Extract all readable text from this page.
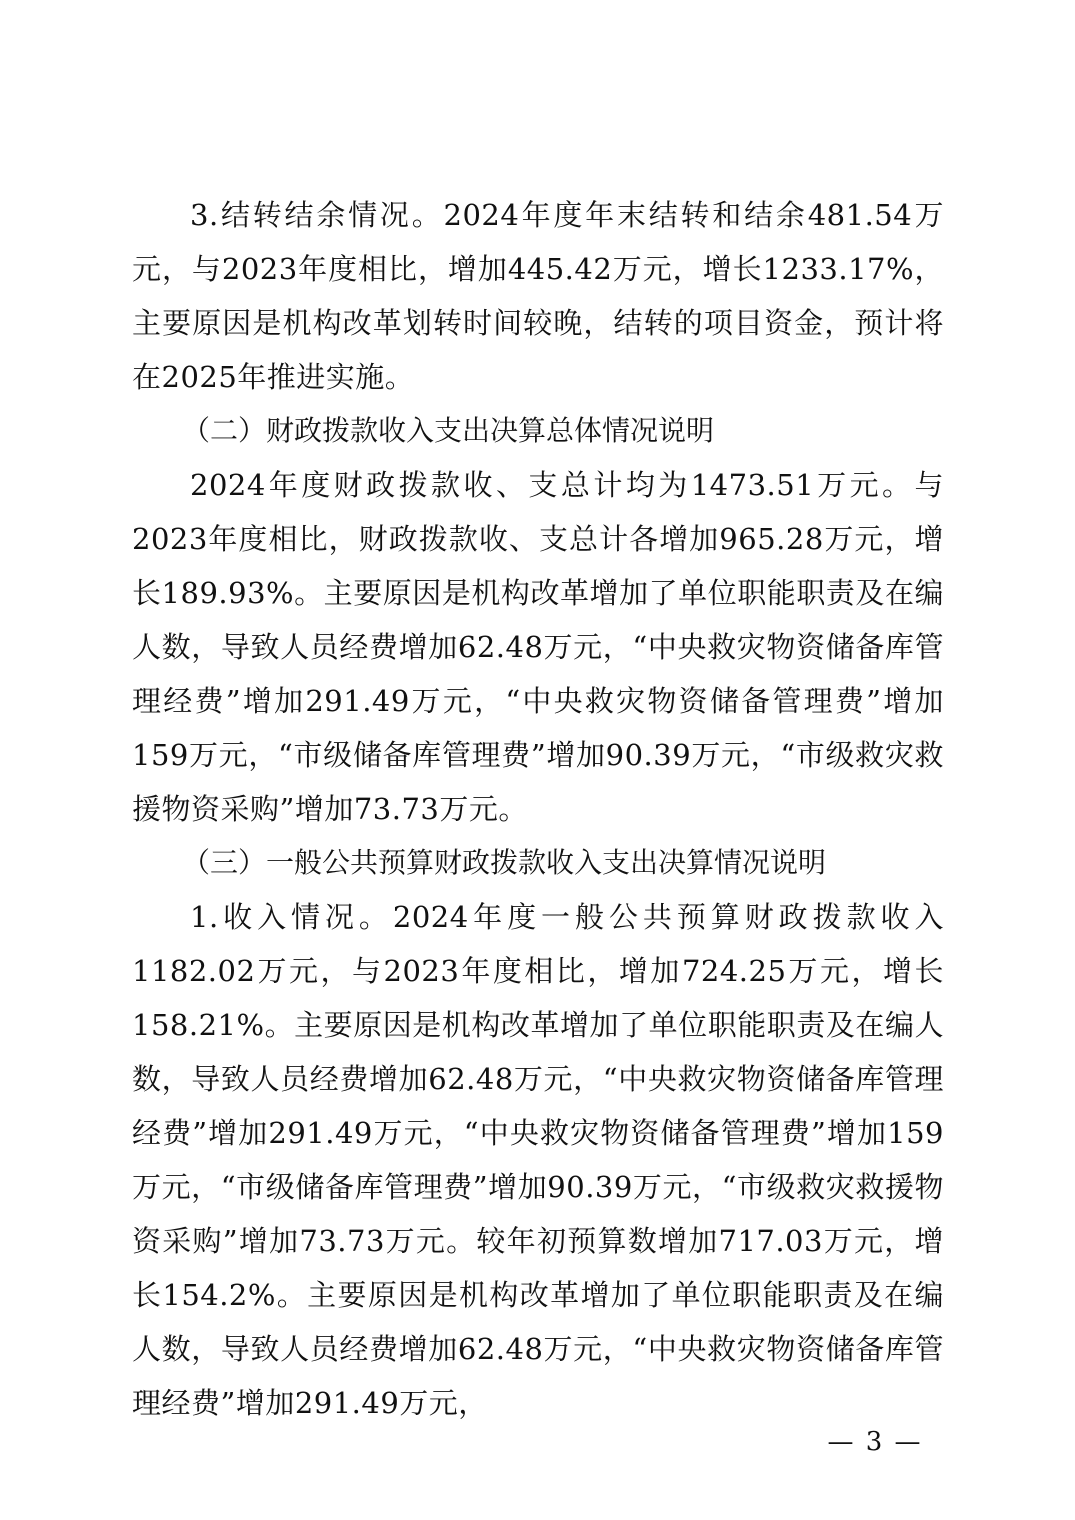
3.结转结余情况。2024年度年末结转和结余481.54万元，与2023年度相比，增加445.42万元，增长1233.17%，主要原因是机构改革划转时间较晚，结转的项目资金，预计将在2025年推进实施。

（二）财政拨款收入支出决算总体情况说明

2024年度财政拨款收、支总计均为1473.51万元。与2023年度相比，财政拨款收、支总计各增加965.28万元，增长189.93%。主要原因是机构改革增加了单位职能职责及在编人数，导致人员经费增加62.48万元，“中央救灾物资储备库管理经费”增加291.49万元，“中央救灾物资储备管理费”增加159万元，“市级储备库管理费”增加90.39万元，“市级救灾救援物资采购”增加73.73万元。

（三）一般公共预算财政拨款收入支出决算情况说明

1.收入情况。2024年度一般公共预算财政拨款收入1182.02万元，与2023年度相比，增加724.25万元，增长158.21%。主要原因是机构改革增加了单位职能职责及在编人数，导致人员经费增加62.48万元，“中央救灾物资储备库管理经费”增加291.49万元，“中央救灾物资储备管理费”增加159万元，“市级储备库管理费”增加90.39万元，“市级救灾救援物资采购”增加73.73万元。较年初预算数增加717.03万元，增长154.2%。主要原因是机构改革增加了单位职能职责及在编人数，导致人员经费增加62.48万元，“中央救灾物资储备库管理经费”增加291.49万元，

— 3 —
